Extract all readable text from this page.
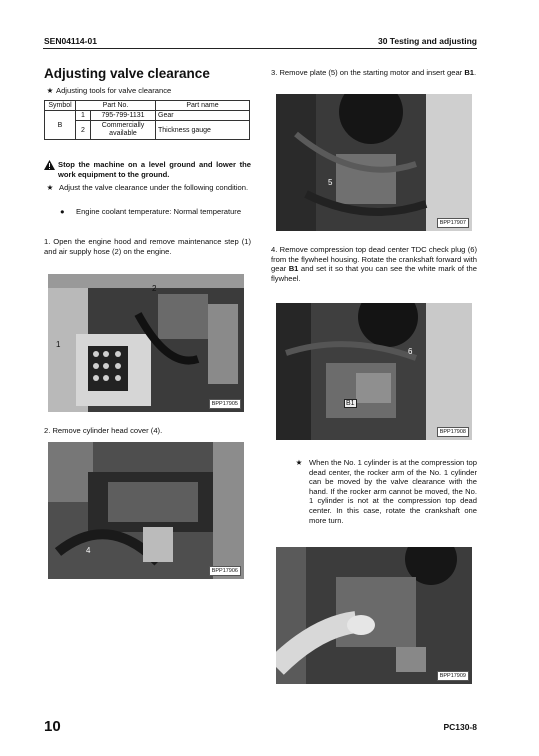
SEN04114-01	30 Testing and adjusting
Adjusting valve clearance
★ Adjusting tools for valve clearance
Symbol	Part No.		Part name
B	1	795-799-1131	Gear
	2	Commercially available	Thickness gauge
Stop the machine on a level ground and lower the work equipment to the ground.
★ Adjust the valve clearance under the following condition.
●	Engine coolant temperature: Normal temperature
1. Open the engine hood and remove maintenance step (1) and air supply hose (2) on the engine.
1
2
BPP17905
2. Remove cylinder head cover (4).
4
BPP17906
3. Remove plate (5) on the starting motor and insert gear B1.
5
BPP17907
4. Remove compression top dead center TDC check plug (6) from the flywheel housing. Rotate the crankshaft forward with gear B1 and set it so that you can see the white mark of the flywheel.
B1
6
BPP17908
★ When the No. 1 cylinder is at the compression top dead center, the rocker arm of the No. 1 cylinder can be moved by the valve clearance with the hand. If the rocker arm cannot be moved, the No. 1 cylinder is not at the compression top dead center. In this case, rotate the crankshaft one more turn.
BPP17909
10	PC130-8
